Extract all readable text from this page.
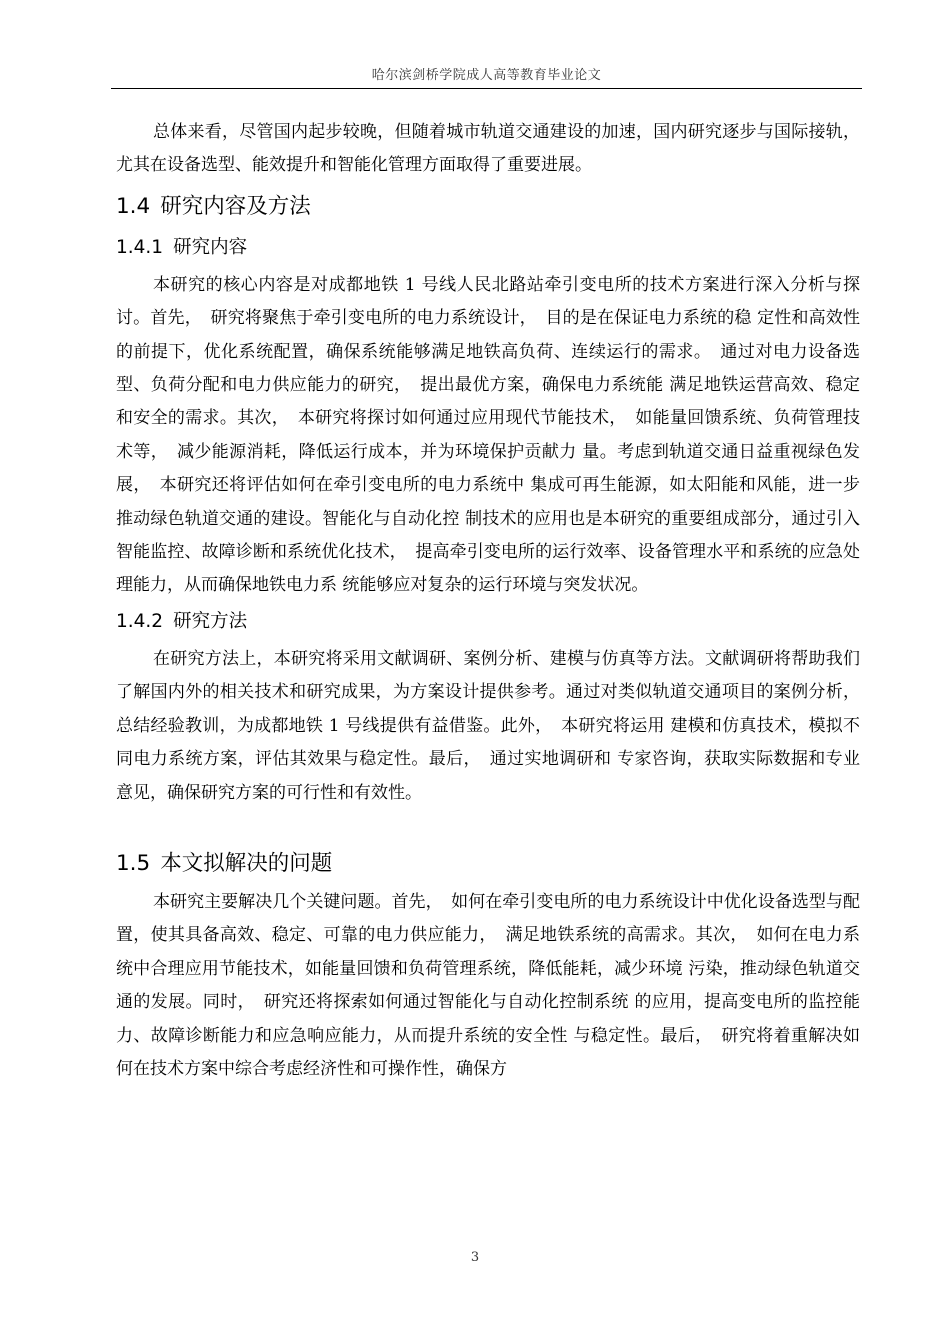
哈尔滨剑桥学院成人高等教育毕业论文

总体来看，尽管国内起步较晚，但随着城市轨道交通建设的加速，国内研究逐步与国际接轨，尤其在设备选型、能效提升和智能化管理方面取得了重要进展。

1.4 研究内容及方法
1.4.1 研究内容

本研究的核心内容是对成都地铁 1 号线人民北路站牵引变电所的技术方案进行深入分析与探讨。首先，　研究将聚焦于牵引变电所的电力系统设计，　目的是在保证电力系统的稳 定性和高效性的前提下，优化系统配置，确保系统能够满足地铁高负荷、连续运行的需求。　通过对电力设备选型、负荷分配和电力供应能力的研究，　提出最优方案，确保电力系统能 满足地铁运营高效、稳定和安全的需求。其次，　本研究将探讨如何通过应用现代节能技术，　如能量回馈系统、负荷管理技术等，　减少能源消耗，降低运行成本，并为环境保护贡献力 量。考虑到轨道交通日益重视绿色发展，　本研究还将评估如何在牵引变电所的电力系统中 集成可再生能源，如太阳能和风能，进一步推动绿色轨道交通的建设。智能化与自动化控 制技术的应用也是本研究的重要组成部分，通过引入智能监控、故障诊断和系统优化技术，　提高牵引变电所的运行效率、设备管理水平和系统的应急处理能力，从而确保地铁电力系 统能够应对复杂的运行环境与突发状况。

1.4.2 研究方法

在研究方法上，本研究将采用文献调研、案例分析、建模与仿真等方法。文献调研将帮助我们了解国内外的相关技术和研究成果，为方案设计提供参考。通过对类似轨道交通项目的案例分析，总结经验教训，为成都地铁 1 号线提供有益借鉴。此外，　本研究将运用 建模和仿真技术，模拟不同电力系统方案，评估其效果与稳定性。最后，　通过实地调研和 专家咨询，获取实际数据和专业意见，确保研究方案的可行性和有效性。

1.5 本文拟解决的问题

本研究主要解决几个关键问题。首先，　如何在牵引变电所的电力系统设计中优化设备选型与配置，使其具备高效、稳定、可靠的电力供应能力，　满足地铁系统的高需求。其次，　如何在电力系统中合理应用节能技术，如能量回馈和负荷管理系统，降低能耗，减少环境 污染，推动绿色轨道交通的发展。同时，　研究还将探索如何通过智能化与自动化控制系统 的应用，提高变电所的监控能力、故障诊断能力和应急响应能力，从而提升系统的安全性 与稳定性。最后，　研究将着重解决如何在技术方案中综合考虑经济性和可操作性，确保方

3
